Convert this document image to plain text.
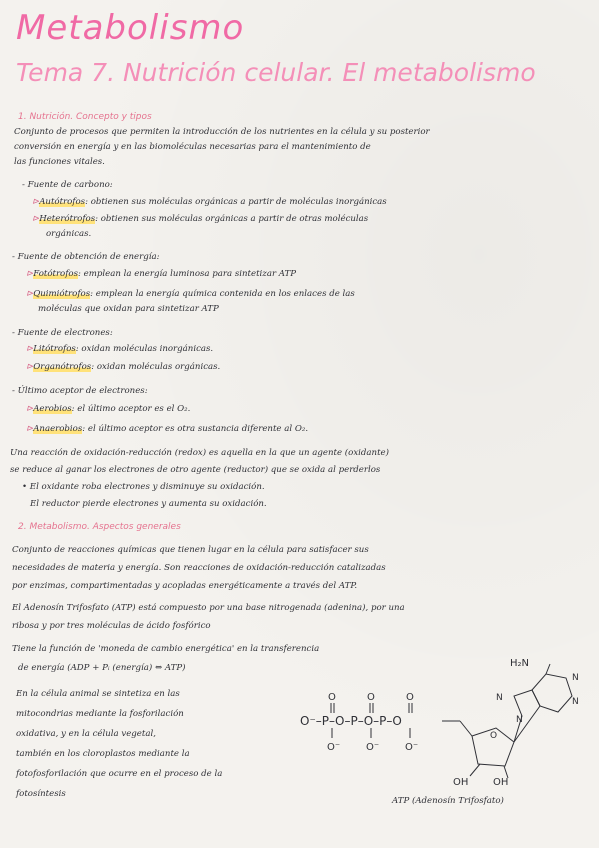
Metabolismo
Tema 7. Nutrición celular. El metabolismo
1. Nutrición. Concepto y tipos
Conjunto de procesos que permiten la introducción de los nutrientes en la célula y su posterior
conversión en energía y en las biomoléculas necesarias para el mantenimiento de
las funciones vitales.
- Fuente de carbono:
⊳Autótrofos: obtienen sus moléculas orgánicas a partir de moléculas inorgánicas
⊳Heterótrofos: obtienen sus moléculas orgánicas a partir de otras moléculas
orgánicas.
- Fuente de obtención de energía:
⊳Fotótrofos: emplean la energía luminosa para sintetizar ATP
⊳Quimiótrofos: emplean la energía química contenida en los enlaces de las
moléculas que oxidan para sintetizar ATP
- Fuente de electrones:
⊳Litótrofos: oxidan moléculas inorgánicas.
⊳Organótrofos: oxidan moléculas orgánicas.
- Último aceptor de electrones:
⊳Aerobios: el último aceptor es el O₂.
⊳Anaerobios: el último aceptor es otra sustancia diferente al O₂.
Una reacción de oxidación-reducción (redox) es aquella en la que un agente (oxidante)
se reduce al ganar los electrones de otro agente (reductor) que se oxida al perderlos
• El oxidante roba electrones y disminuye su oxidación.
El reductor pierde electrones y aumenta su oxidación.
2. Metabolismo. Aspectos generales
Conjunto de reacciones químicas que tienen lugar en la célula para satisfacer sus
necesidades de materia y energía. Son reacciones de oxidación-reducción catalizadas
por enzimas, compartimentadas y acopladas energéticamente a través del ATP.
El Adenosín Trifosfato (ATP) está compuesto por una base nitrogenada (adenina), por una
ribosa y por tres moléculas de ácido fosfórico
Tiene la función de 'moneda de cambio energética' en la transferencia
de energía (ADP + Pᵢ (energía) ⇔ ATP)
En la célula animal se sintetiza en las
mitocondrias mediante la fosforilación
oxidativa, y en la célula vegetal,
también en los cloroplastos mediante la
fotofosforilación que ocurre en el proceso de la
fotosíntesis
O⁻–P–O–P–O–P–O
O	O	O
O⁻	O⁻	O⁻
O
N
N
N
N
H₂N
OH OH
ATP (Adenosín Trifosfato)
